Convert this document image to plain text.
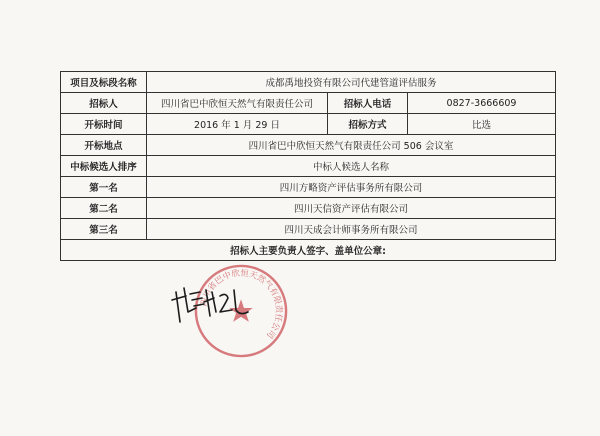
项目及标段名称	成都禹地投资有限公司代建管道评估服务		
招标人	四川省巴中欣恒天然气有限责任公司	招标人电话	0827-3666609
开标时间	2016 年 1 月 29 日	招标方式	比选
开标地点	四川省巴中欣恒天然气有限责任公司 506 会议室		
中标候选人排序	中标人候选人名称		
第一名	四川方略资产评估事务所有限公司		
第二名	四川天信资产评估有限公司		
第三名	四川天成会计师事务所有限公司		
招标人主要负责人签字、盖单位公章:			
四川省巴中欣恒天然气有限责任公司
